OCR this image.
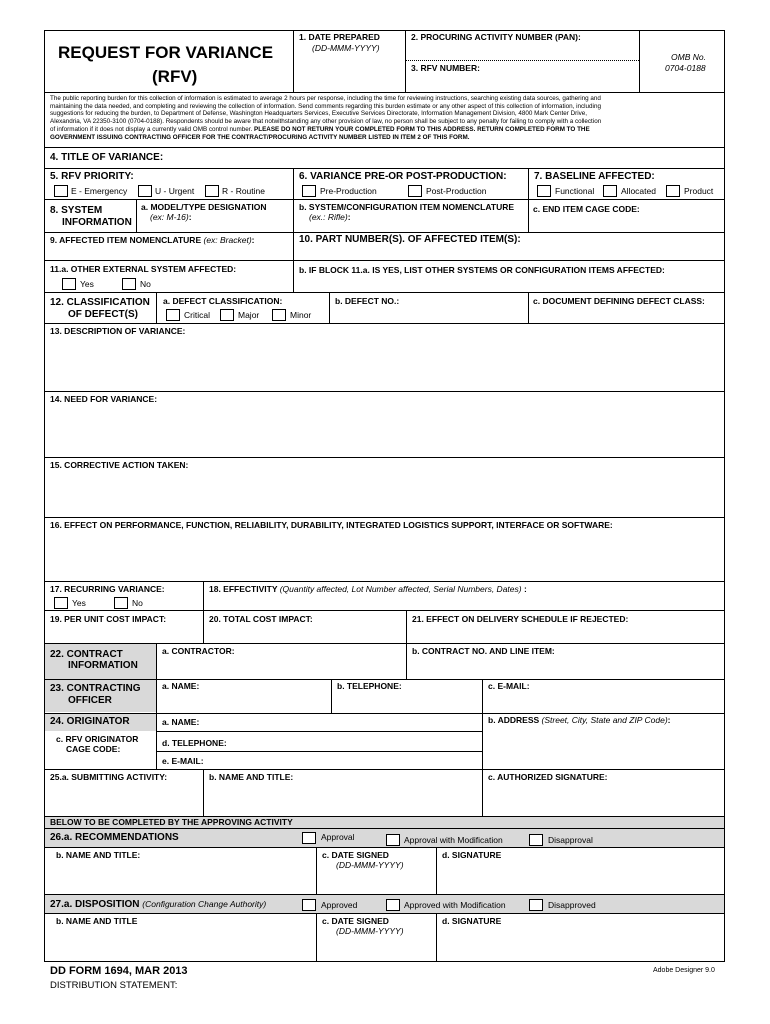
REQUEST FOR VARIANCE
(RFV)
1. DATE PREPARED
(DD-MMM-YYYY)
2. PROCURING ACTIVITY NUMBER (PAN):
3. RFV NUMBER:
OMB No.
0704-0188
The public reporting burden for this collection of information is estimated to average 2 hours per response, including the time for reviewing instructions, searching existing data sources, gathering and
maintaining the data needed, and completing and reviewing the collection of information. Send comments regarding this burden estimate or any other aspect of this collection of information, including
suggestions for reducing the burden, to Department of Defense, Washington Headquarters Services, Executive Services Directorate, Information Management Division, 4800 Mark Center Drive,
Alexandria, VA 22350-3100 (0704-0188). Respondents should be aware that notwithstanding any other provision of law, no person shall be subject to any penalty for failing to comply with a collection
of information if it does not display a currently valid OMB control number. PLEASE DO NOT RETURN YOUR COMPLETED FORM TO THIS ADDRESS. RETURN COMPLETED FORM TO THE
GOVERNMENT ISSUING CONTRACTING OFFICER FOR THE CONTRACT/PROCURING ACTIVITY NUMBER LISTED IN ITEM 2 OF THIS FORM.
4. TITLE OF VARIANCE:
5. RFV PRIORITY:
E - Emergency	U - Urgent	R - Routine
6. VARIANCE PRE-OR POST-PRODUCTION:
Pre-Production	Post-Production
7. BASELINE AFFECTED:
Functional	Allocated	Product
8. SYSTEM
INFORMATION
a. MODEL/TYPE DESIGNATION
(ex: M-16):
b. SYSTEM/CONFIGURATION ITEM NOMENCLATURE
(ex.: Rifle):
c. END ITEM CAGE CODE:
9. AFFECTED ITEM NOMENCLATURE (ex: Bracket):	10. PART NUMBER(S). OF AFFECTED ITEM(S):
11.a. OTHER EXTERNAL SYSTEM AFFECTED:
Yes	No
b. IF BLOCK 11.a. IS YES, LIST OTHER SYSTEMS OR CONFIGURATION ITEMS AFFECTED:
12. CLASSIFICATION
OF DEFECT(S)
a. DEFECT CLASSIFICATION:
Critical	Major	Minor
b. DEFECT NO.:	c. DOCUMENT DEFINING DEFECT CLASS:
13. DESCRIPTION OF VARIANCE:
14. NEED FOR VARIANCE:
15. CORRECTIVE ACTION TAKEN:
16. EFFECT ON PERFORMANCE, FUNCTION, RELIABILITY, DURABILITY, INTEGRATED LOGISTICS SUPPORT, INTERFACE OR SOFTWARE:
17. RECURRING VARIANCE:
Yes	No
18. EFFECTIVITY (Quantity affected, Lot Number affected, Serial Numbers, Dates) :
19. PER UNIT COST IMPACT:	20. TOTAL COST IMPACT:	21. EFFECT ON DELIVERY SCHEDULE IF REJECTED:
22. CONTRACT
INFORMATION
a. CONTRACTOR:	b. CONTRACT NO. AND LINE ITEM:
23. CONTRACTING
OFFICER
a. NAME:	b. TELEPHONE:	c. E-MAIL:
24. ORIGINATOR	a. NAME:
c. RFV ORIGINATOR
CAGE CODE:
d. TELEPHONE:
e. E-MAIL:
b. ADDRESS (Street, City, State and ZIP Code):
25.a. SUBMITTING ACTIVITY:	b. NAME AND TITLE:	c. AUTHORIZED SIGNATURE:
BELOW TO BE COMPLETED BY THE APPROVING ACTIVITY
26.a. RECOMMENDATIONS	Approval	Approval with Modification	Disapproval
b. NAME AND TITLE:	c. DATE SIGNED
(DD-MMM-YYYY)
d. SIGNATURE
27.a. DISPOSITION (Configuration Change Authority)	Approved	Approved with Modification	Disapproved
b. NAME AND TITLE	c. DATE SIGNED
(DD-MMM-YYYY)
d. SIGNATURE
DD FORM 1694, MAR 2013	Adobe Designer 9.0
DISTRIBUTION STATEMENT:
